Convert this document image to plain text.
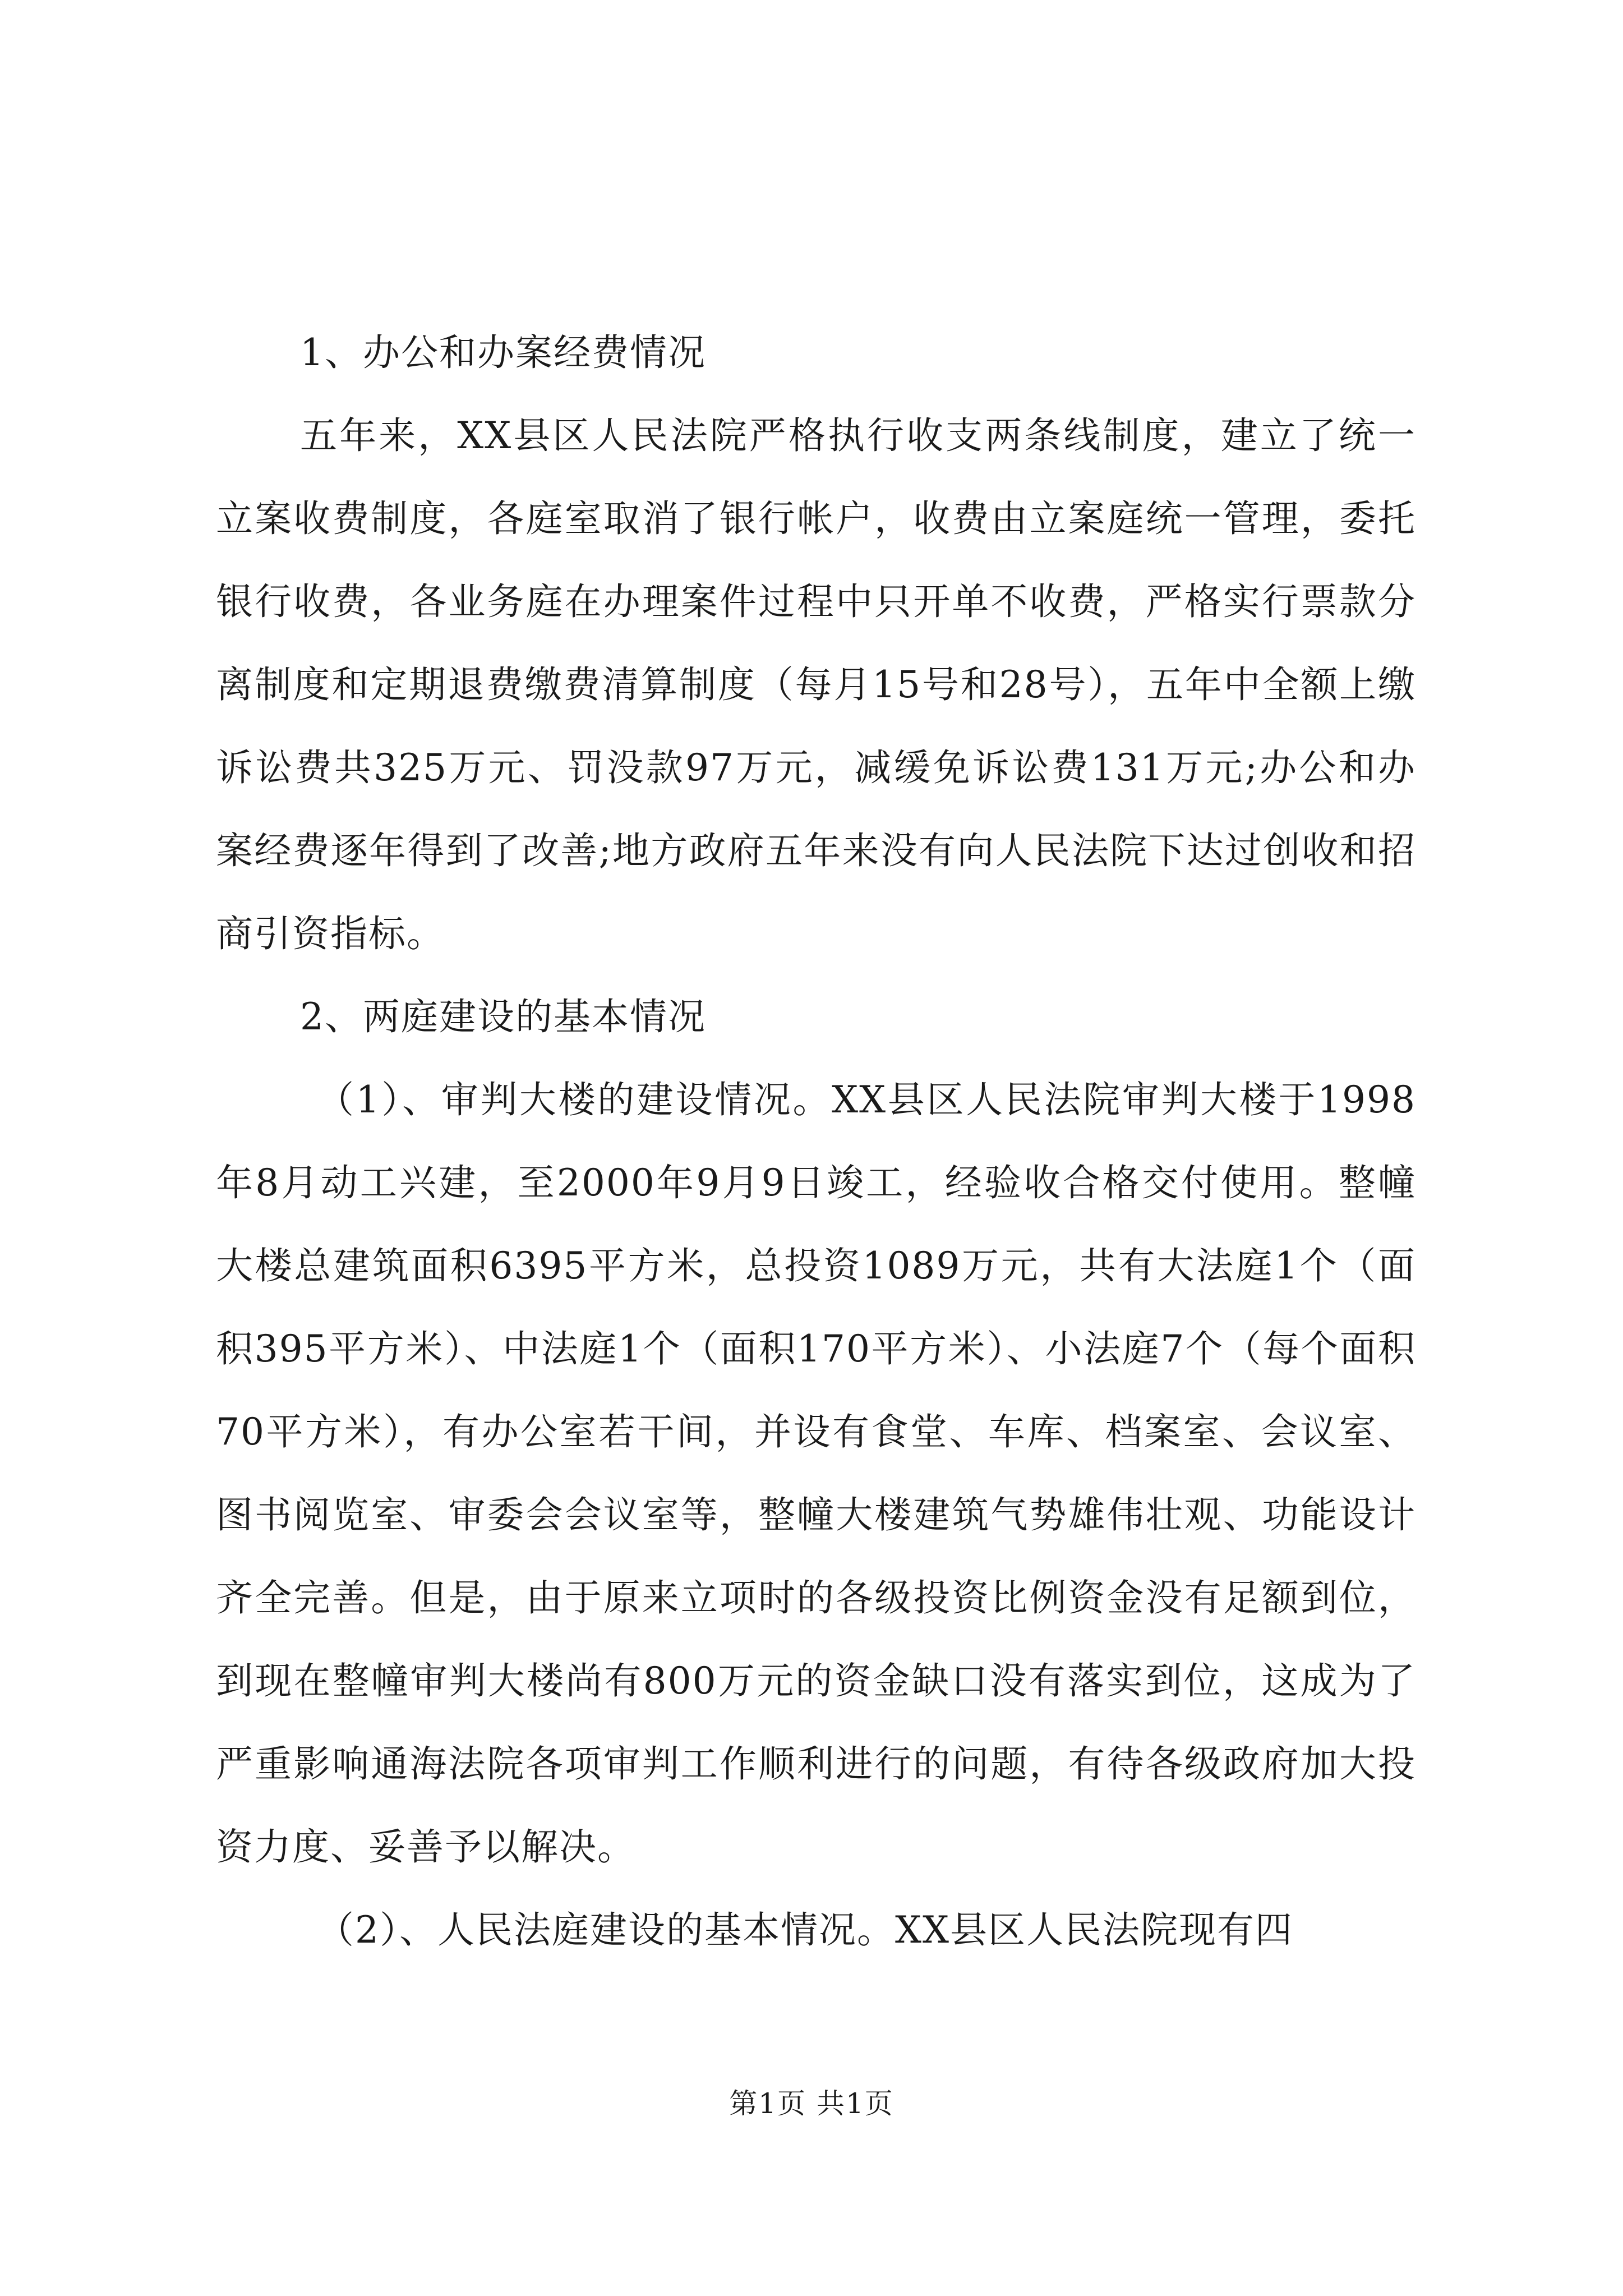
1、办公和办案经费情况

五年来，XX县区人民法院严格执行收支两条线制度，建立了统一立案收费制度，各庭室取消了银行帐户，收费由立案庭统一管理，委托银行收费，各业务庭在办理案件过程中只开单不收费，严格实行票款分离制度和定期退费缴费清算制度（每月15号和28号），五年中全额上缴诉讼费共325万元、罚没款97万元，减缓免诉讼费131万元;办公和办案经费逐年得到了改善;地方政府五年来没有向人民法院下达过创收和招商引资指标。

2、两庭建设的基本情况

（1）、审判大楼的建设情况。XX县区人民法院审判大楼于1998年8月动工兴建，至2000年9月9日竣工，经验收合格交付使用。整幢大楼总建筑面积6395平方米，总投资1089万元，共有大法庭1个（面积395平方米）、中法庭1个（面积170平方米）、小法庭7个（每个面积70平方米），有办公室若干间，并设有食堂、车库、档案室、会议室、图书阅览室、审委会会议室等，整幢大楼建筑气势雄伟壮观、功能设计齐全完善。但是，由于原来立项时的各级投资比例资金没有足额到位，到现在整幢审判大楼尚有800万元的资金缺口没有落实到位，这成为了严重影响通海法院各项审判工作顺利进行的问题，有待各级政府加大投资力度、妥善予以解决。

（2）、人民法庭建设的基本情况。XX县区人民法院现有四

第1页 共1页
